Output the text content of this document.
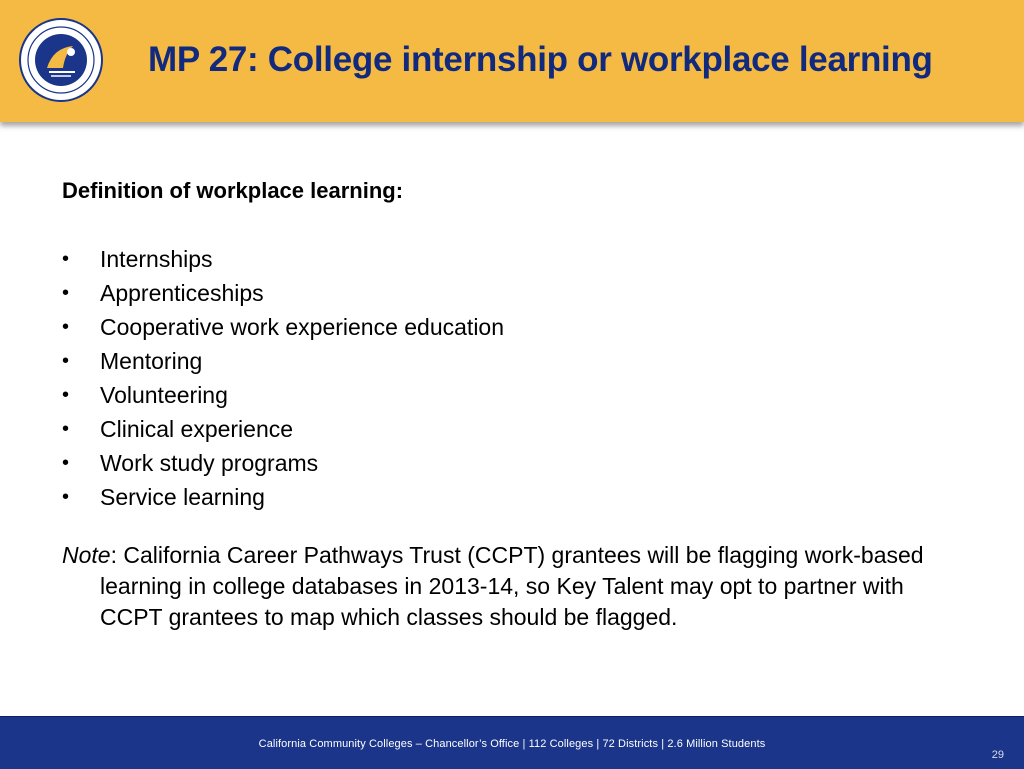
MP 27: College internship or workplace learning
Definition of workplace learning:
• Internships
• Apprenticeships
• Cooperative work experience education
• Mentoring
• Volunteering
• Clinical experience
• Work study programs
• Service learning
Note: California Career Pathways Trust (CCPT) grantees will be flagging work-based learning in college databases in 2013-14, so Key Talent may opt to partner with CCPT grantees to map which classes should be flagged.
California Community Colleges – Chancellor’s Office | 112 Colleges | 72 Districts | 2.6 Million Students
29
